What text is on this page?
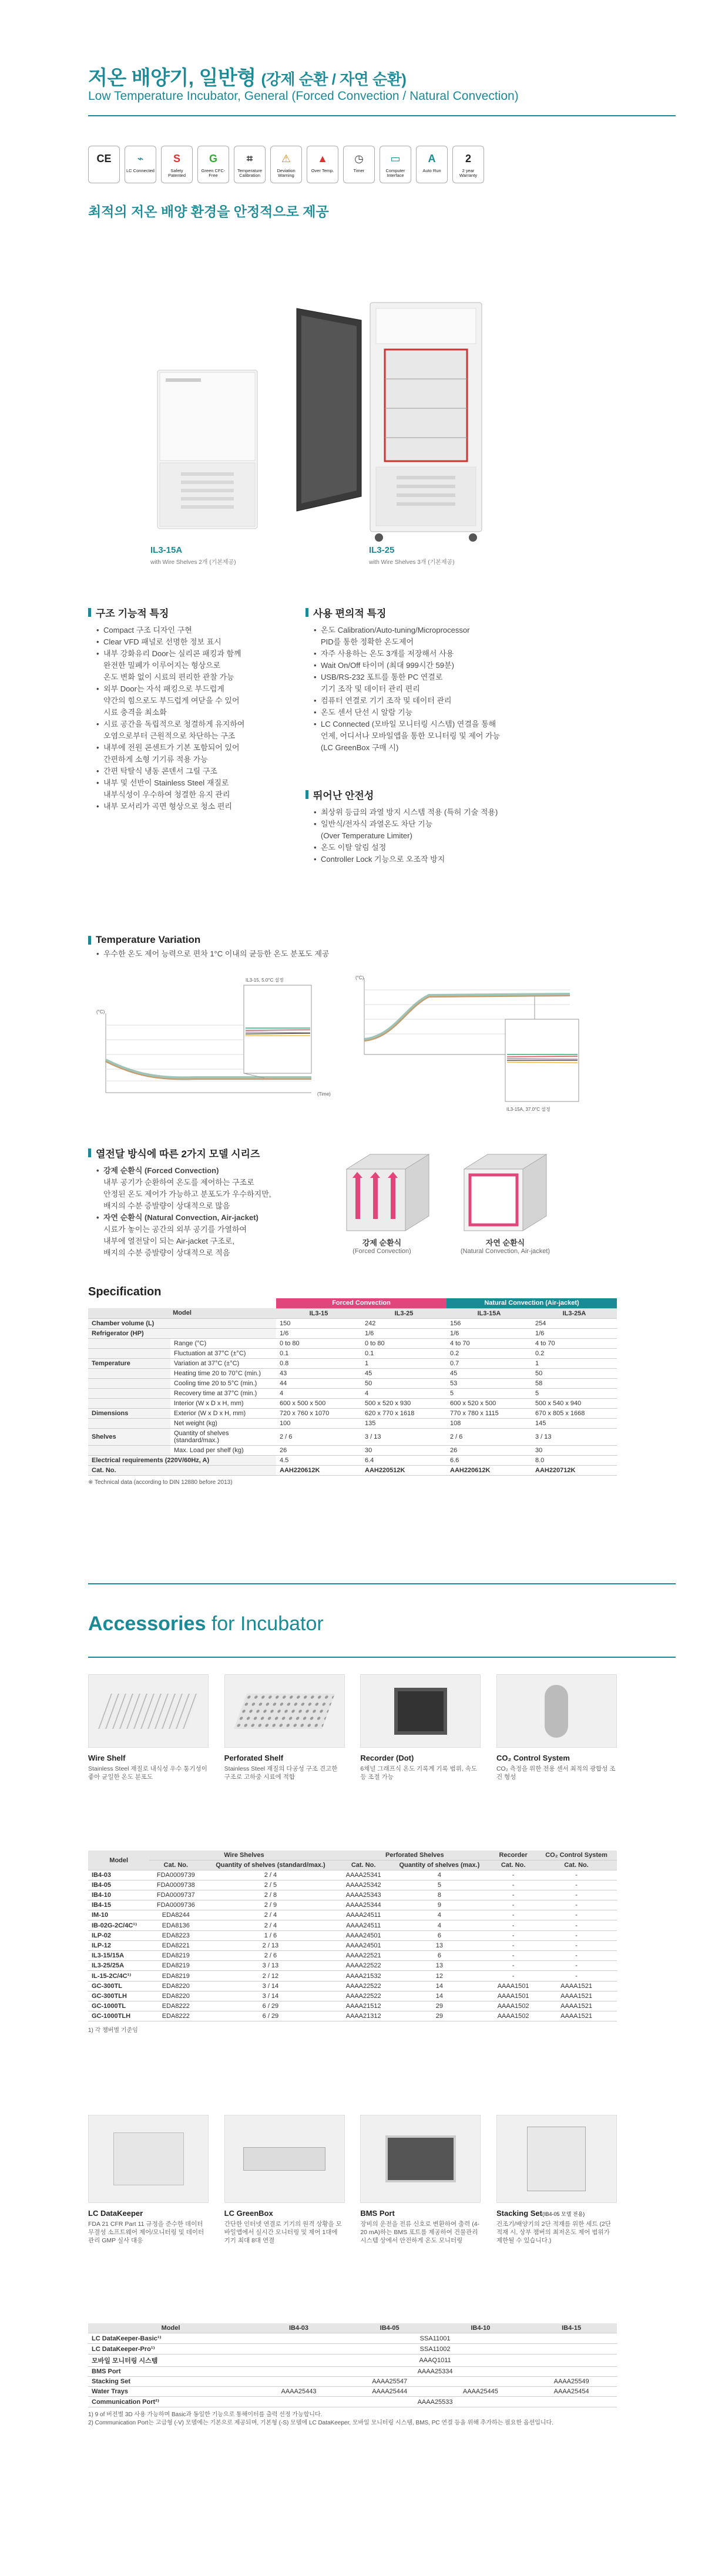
저온 배양기, 일반형 (강제 순환 / 자연 순환)
Low Temperature Incubator, General (Forced Convection / Natural Convection)
CE	⌁
LC Connected
S
Safety Patented
G
Green CFC-Free
⌗
Temperature Calibration
⚠
Deviation Warning
▲
Over Temp.
◷
Timer
▭
Computer Interface
A
Auto Run
2
2 year Warranty
최적의 저온 배양 환경을 안정적으로 제공
IL3-15A
with Wire Shelves 2개 (기본제공)
IL3-25
with Wire Shelves 3개 (기본제공)
구조 기능적 특징
• Compact 구조 디자인 구현
• Clear VFD 패널로 선명한 정보 표시
• 내부 강화유리 Door는 실리콘 패킹과 함께
완전한 밀폐가 이루어지는 형상으로
온도 변화 없이 시료의 편리한 관찰 가능
• 외부 Door는 자석 패킹으로 부드럽게
약간의 힘으로도 부드럽게 여닫을 수 있어
시료 충격을 최소화
• 시료 공간을 독립적으로 청결하게 유지하여
오염으로부터 근원적으로 차단하는 구조
• 내부에 전원 콘센트가 기본 포함되어 있어
간편하게 소형 기기류 적용 가능
• 간편 탁탈식 냉동 콘덴서 그릴 구조
• 내부 및 선반이 Stainless Steel 재질로
내부식성이 우수하여 청결한 유지 관리
• 내부 모서리가 곡면 형상으로 청소 편리
사용 편의적 특징
• 온도 Calibration/Auto-tuning/Microprocessor
PID를 통한 정확한 온도제어
• 자주 사용하는 온도 3개를 저장해서 사용
• Wait On/Off 타이머 (최대 999시간 59분)
• USB/RS-232 포트를 통한 PC 연결로
기기 조작 및 데이터 관리 편리
• 컴퓨터 연결로 기기 조작 및 데이터 관리
• 온도 센서 단선 시 알람 기능
• LC Connected (모바일 모니터링 시스템) 연결을 통해
언제, 어디서나 모바일앱을 통한 모니터링 및 제어 가능
(LC GreenBox 구매 시)
뛰어난 안전성
• 최상위 등급의 과열 방지 시스템 적용 (특허 기술 적용)
• 일반식/전자식 과열온도 차단 기능
(Over Temperature Limiter)
• 온도 이탈 알림 설정
• Controller Lock 기능으로 오조작 방지
Temperature Variation
• 우수한 온도 제어 능력으로 편차 1°C 이내의 균등한 온도 분포도 제공
(°C)
IL3-15, 5.0°C 설정
(Time)
(°C)
IL3-15A, 37.0°C 설정
열전달 방식에 따른 2가지 모델 시리즈
• 강제 순환식 (Forced Convection)
내부 공기가 순환하여 온도를 제어하는 구조로
안정된 온도 제어가 가능하고 분포도가 우수하지만,
배지의 수분 증발량이 상대적으로 많음
• 자연 순환식 (Natural Convection, Air-jacket)
시료가 놓이는 공간의 외부 공기를 가열하여
내부에 열전달이 되는 Air-jacket 구조로,
배지의 수분 증발량이 상대적으로 적음
강제 순환식
(Forced Convection)
자연 순환식
(Natural Convection, Air-jacket)
Specification
		Forced Convection		Natural Convection (Air-jacket)	
Model		IL3-15	IL3-25	IL3-15A	IL3-25A
Chamber volume (L)		150	242	156	254
Refrigerator (HP)		1/6	1/6	1/6	1/6
	Range (°C)	0 to 80	0 to 80	4 to 70	4 to 70
	Fluctuation at 37°C (±°C)	0.1	0.1	0.2	0.2
Temperature	Variation at 37°C (±°C)	0.8	1	0.7	1
	Heating time 20 to 70°C (min.)	43	45	45	50
	Cooling time 20 to 5°C (min.)	44	50	53	58
	Recovery time at 37°C (min.)	4	4	5	5
	Interior (W x D x H, mm)	600 x 500 x 500	500 x 520 x 930	600 x 520 x 500	500 x 540 x 940
Dimensions	Exterior (W x D x H, mm)	720 x 760 x 1070	620 x 770 x 1618	770 x 780 x 1115	670 x 805 x 1668
	Net weight (kg)	100	135	108	145
Shelves	Quantity of shelves (standard/max.)	2 / 6	3 / 13	2 / 6	3 / 13
	Max. Load per shelf (kg)	26	30	26	30
Electrical requirements (220V/60Hz, A)		4.5	6.4	6.6	8.0
Cat. No.		AAH220612K	AAH220512K	AAH220612K	AAH220712K
※ Technical data (according to DIN 12880 before 2013)
Accessories for Incubator
Wire Shelf
Stainless Steel 재질로 내식성 우수 통기성이 좋아 균일한 온도 분포도
Perforated Shelf
Stainless Steel 재질의 다공성 구조 견고한 구조로 고하중 시료에 적합
Recorder (Dot)
6채널 그래프식 온도 기록계 기록 범위, 속도 등 조절 가능
CO₂ Control System
CO₂ 측정을 위한 전용 센서 최적의 광합성 조건 형성
Model	Wire Shelves		Perforated Shelves		Recorder	CO₂ Control System
	Cat. No.	Quantity of shelves (standard/max.)	Cat. No.	Quantity of shelves (max.)	Cat. No.	Cat. No.
IB4-03	FDA0009739	2 / 4	AAAA25341	4	-	-
IB4-05	FDA0009738	2 / 5	AAAA25342	5	-	-
IB4-10	FDA0009737	2 / 8	AAAA25343	8	-	-
IB4-15	FDA0009736	2 / 9	AAAA25344	9	-	-
IM-10	EDA8244	2 / 4	AAAA24511	4	-	-
IB-02G-2C/4C¹⁾	EDA8136	2 / 4	AAAA24511	4	-	-
ILP-02	EDA8223	1 / 6	AAAA24501	6	-	-
ILP-12	EDA8221	2 / 13	AAAA24501	13	-	-
IL3-15/15A	EDA8219	2 / 6	AAAA22521	6	-	-
IL3-25/25A	EDA8219	3 / 13	AAAA22522	13	-	-
IL-15-2C/4C¹⁾	EDA8219	2 / 12	AAAA21532	12	-	-
GC-300TL	EDA8220	3 / 14	AAAA22522	14	AAAA1501	AAAA1521
GC-300TLH	EDA8220	3 / 14	AAAA22522	14	AAAA1501	AAAA1521
GC-1000TL	EDA8222	6 / 29	AAAA21512	29	AAAA1502	AAAA1521
GC-1000TLH	EDA8222	6 / 29	AAAA21312	29	AAAA1502	AAAA1521
1) 각 챔버별 기준임
LC DataKeeper
FDA 21 CFR Part 11 규정을 준수한 데이터 무결성 소프트웨어 제어/모니터링 및 데이터 관리 GMP 실사 대응
LC GreenBox
간단한 인터넷 연결로 기기의 원격 상황을 모바일앱에서 실시간 모니터링 및 제어 1대에 기기 최대 8대 연결
BMS Port
장비의 운전을 전류 신호로 변환하여 출력 (4-20 mA)하는 BMS 포트를 제공하여 건물관리 시스템 상에서 안전하게 온도 모니터링
Stacking Set(IB4-05 모델 전용)
건조기/배양기의 2단 적재를 위한 세트 (2단 적재 시, 상부 챔버의 최저온도 제어 범위가 제한될 수 있습니다.)
Model	IB4-03	IB4-05	IB4-10	IB4-15
LC DataKeeper-Basic¹⁾	SSA11001			
LC DataKeeper-Pro¹⁾	SSA11002			
모바일 모니터링 시스템	AAAQ1011			
BMS Port	AAAA25334			
Stacking Set		AAAA25547		AAAA25549
Water Trays	AAAA25443	AAAA25444	AAAA25445	AAAA25454
Communication Port²⁾	AAAA25533			
1) 9 of 버전별 3D 사용 가능하며 Basic과 동일한 기능으로 통해이터를 출력 선정 가능합니다.
2) Communication Port는 고급형 (-V) 모델에는 기본으로 제공되며, 기본형 (-S) 모델에 LC DataKeeper, 모바일 모니터링 시스템, BMS, PC 연결 등을 위해 추가하는 필요한 옵션입니다.
